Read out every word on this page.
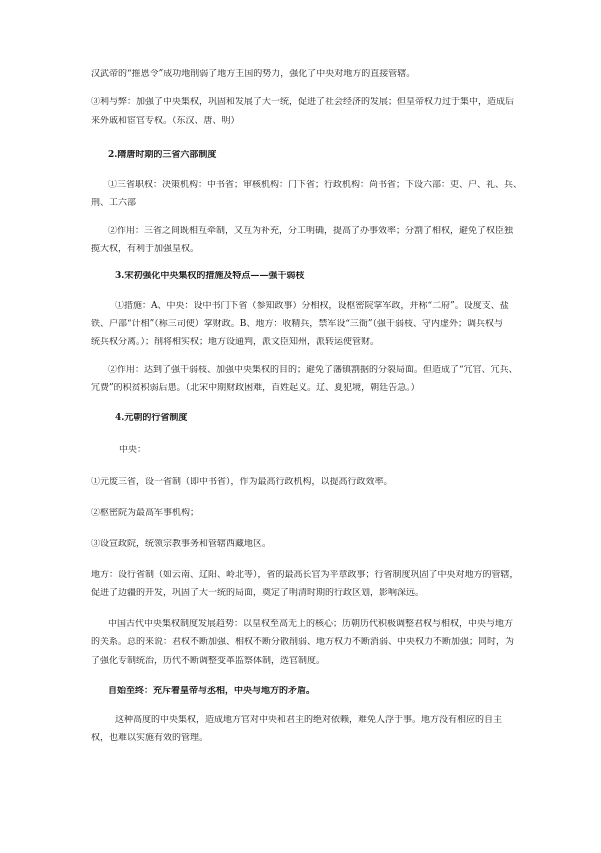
汉武帝的“推恩令”成功地削弱了地方王国的势力，强化了中央对地方的直接管辖。
③利与弊：加强了中央集权，巩固和发展了大一统，促进了社会经济的发展；但皇帝权力过于集中，造成后
来外戚和宦官专权。（东汉、唐、明）
2.隋唐时期的三省六部制度
①三省职权：决策机构：中书省；审核机构：门下省；行政机构：尚书省；下设六部：吏、户、礼、兵、
刑、工六部
②作用：三省之间既相互牵制，又互为补充，分工明确，提高了办事效率；分割了相权，避免了权臣独
揽大权，有利于加强皇权。
3.宋初强化中央集权的措施及特点——强干弱枝
①措施：A、中央：设中书门下省（参知政事）分相权，设枢密院掌军政，并称“二府”。设度支、盐
铁、户部“计相”（称三司使）掌财政。B、地方：收精兵，禁军设“三衙”（强干弱枝、守内虚外；调兵权与
统兵权分离。）；削将相实权；地方设通判，派文臣知州，派转运使管财。
②作用：达到了强干弱枝、加强中央集权的目的；避免了藩镇割据的分裂局面。但造成了“冗官、冗兵、
冗费”的积贫积弱后患。（北宋中期财政困难，百姓起义。辽、夏犯境，朝廷告急。）
4.元朝的行省制度
中央：
①元废三省，设一省制（即中书省），作为最高行政机构，以提高行政效率。
②枢密院为最高军事机构；
③设宣政院，统领宗教事务和管辖西藏地区。
地方：设行省制（如云南、辽阳、岭北等），省的最高长官为平章政事；行省制度巩固了中央对地方的管辖，
促进了边疆的开发，巩固了大一统的局面，奠定了明清时期的行政区划，影响深远。
中国古代中央集权制度发展趋势：以皇权至高无上的核心；历朝历代积极调整君权与相权，中央与地方
的关系。总的来说：君权不断加强、相权不断分散削弱、地方权力不断消弱、中央权力不断加强；同时，为
了强化专制统治，历代不断调整变革监察体制，选官制度。
自始至终：充斥着皇帝与丞相，中央与地方的矛盾。
这种高度的中央集权，造成地方官对中央和君主的绝对依赖，难免人浮于事。地方没有相应的自主
权，也难以实施有效的管理。
